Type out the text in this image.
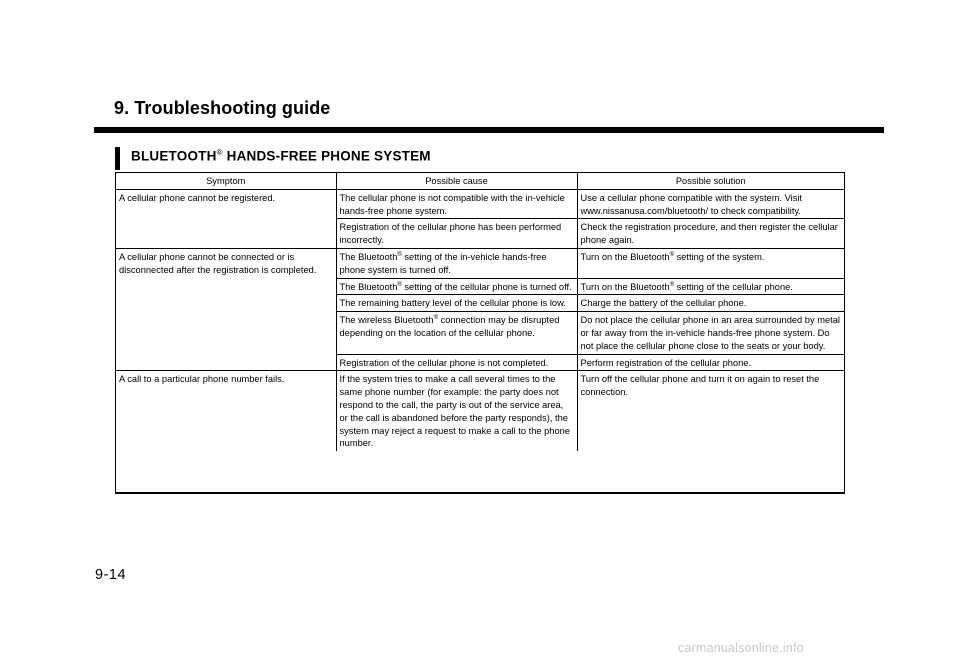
9. Troubleshooting guide
BLUETOOTH® HANDS-FREE PHONE SYSTEM
Symptom	Possible cause	Possible solution
A cellular phone cannot be registered.	The cellular phone is not compatible with the in-vehicle hands-free phone system.	Use a cellular phone compatible with the system. Visit www.nissanusa.com/bluetooth/ to check compatibility.
	Registration of the cellular phone has been performed incorrectly.	Check the registration procedure, and then register the cellular phone again.
A cellular phone cannot be connected or is disconnected after the registration is completed.	The Bluetooth® setting of the in-vehicle hands-free phone system is turned off.	Turn on the Bluetooth® setting of the system.
	The Bluetooth® setting of the cellular phone is turned off.	Turn on the Bluetooth® setting of the cellular phone.
	The remaining battery level of the cellular phone is low.	Charge the battery of the cellular phone.
	The wireless Bluetooth® connection may be disrupted depending on the location of the cellular phone.	Do not place the cellular phone in an area surrounded by metal or far away from the in-vehicle hands-free phone system. Do not place the cellular phone close to the seats or your body.
	Registration of the cellular phone is not completed.	Perform registration of the cellular phone.
A call to a particular phone number fails.	If the system tries to make a call several times to the same phone number (for example: the party does not respond to the call, the party is out of the service area, or the call is abandoned before the party responds), the system may reject a request to make a call to the phone number.	Turn off the cellular phone and turn it on again to reset the connection.
9-14
carmanualsonline.info
